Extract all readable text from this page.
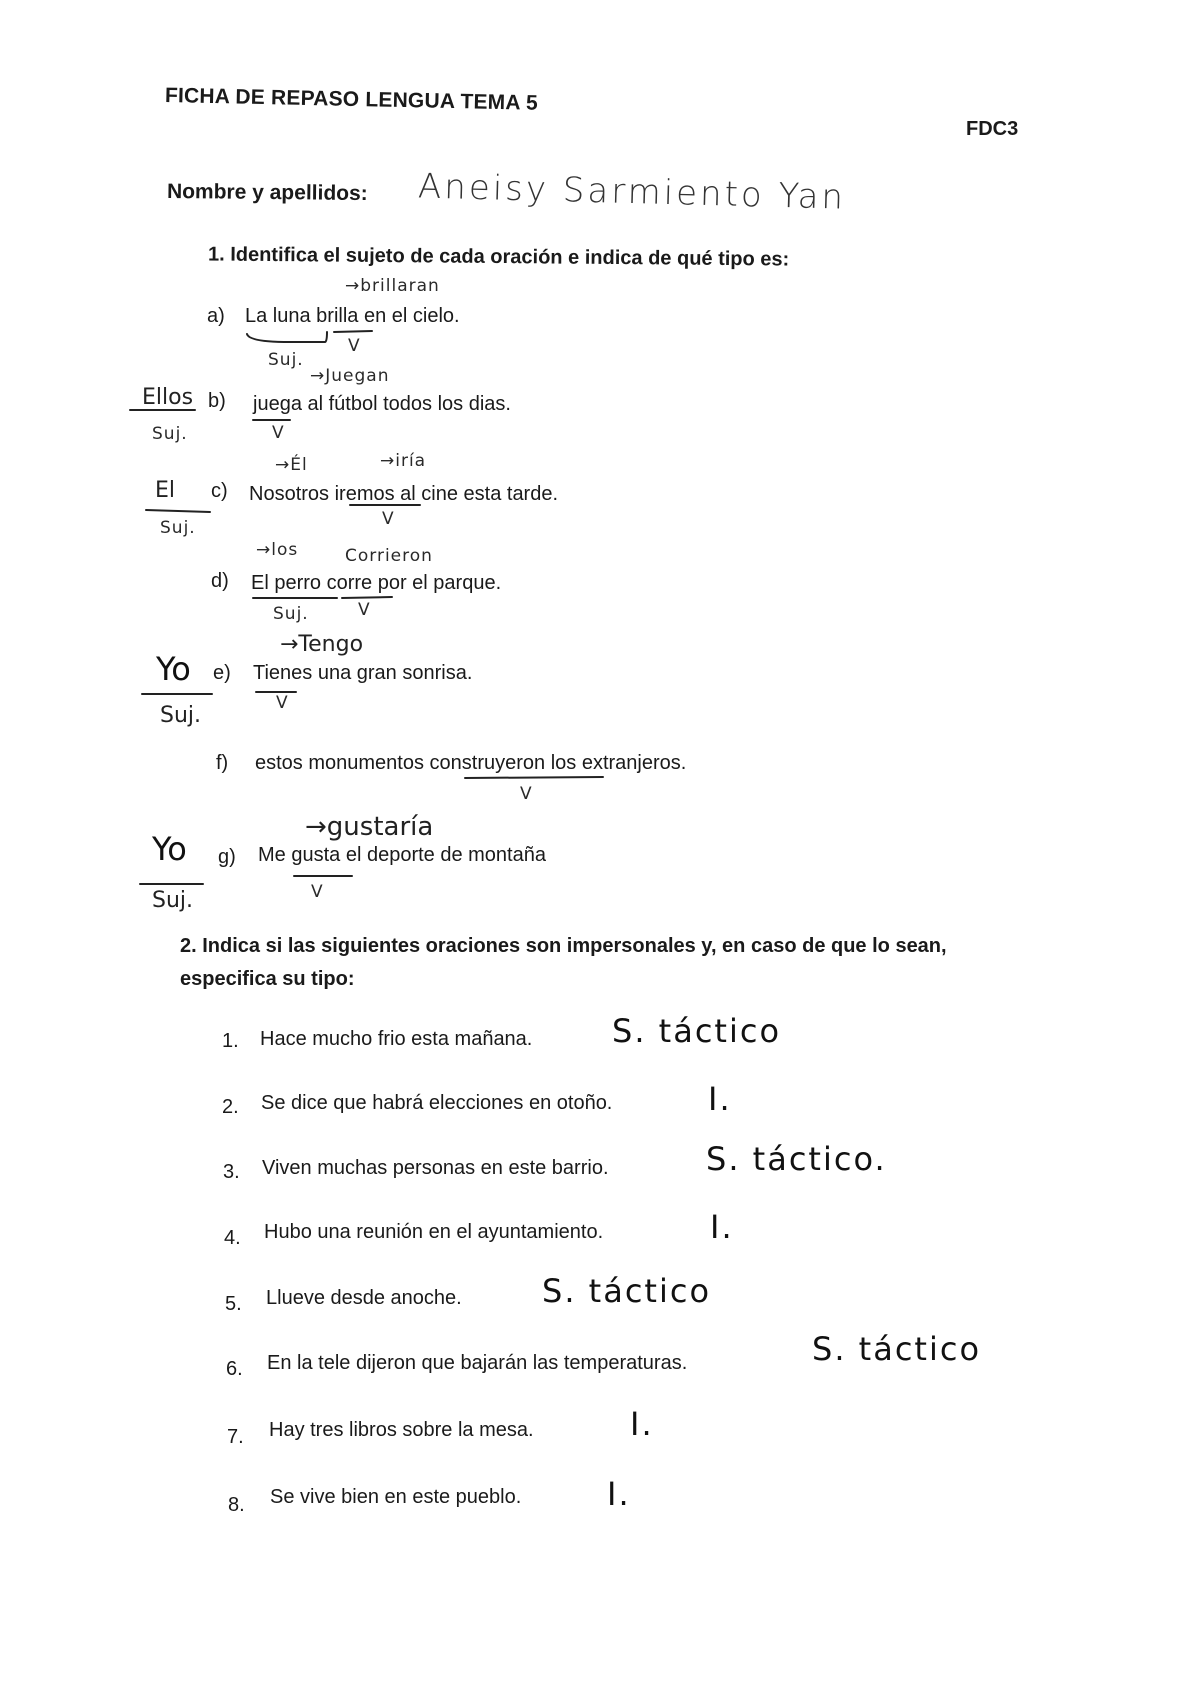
FICHA DE REPASO LENGUA TEMA 5
FDC3
Nombre y apellidos: Aneisy Sarmiento Yan
1. Identifica el sujeto de cada oración e indica de qué tipo es:
→brillaran
a) La luna brilla en el cielo.
Suj.
V
→Juegan
Ellos b) juega al fútbol todos los dias.
Suj.	V
→Él	→iría
El c) Nosotros iremos al cine esta tarde.
Suj.	V
→los	Corrieron
d) El perro corre por el parque.
Suj.	V
→Tengo
Yo e) Tienes una gran sonrisa.
Suj.	V
f) estos monumentos construyeron los extranjeros.
V
→gustaría
Yo g) Me gusta el deporte de montaña
Suj.	V
2. Indica si las siguientes oraciones son impersonales y, en caso de que lo sean,
especifica su tipo:
1. Hace mucho frio esta mañana. S. táctico
2. Se dice que habrá elecciones en otoño.	I.
3. Viven muchas personas en este barrio.	S. táctico.
4. Hubo una reunión en el ayuntamiento.	I.
5. Llueve desde anoche.	S. táctico
6. En la tele dijeron que bajarán las temperaturas.	S. táctico
7. Hay tres libros sobre la mesa.	I.
8. Se vive bien en este pueblo.	I.
